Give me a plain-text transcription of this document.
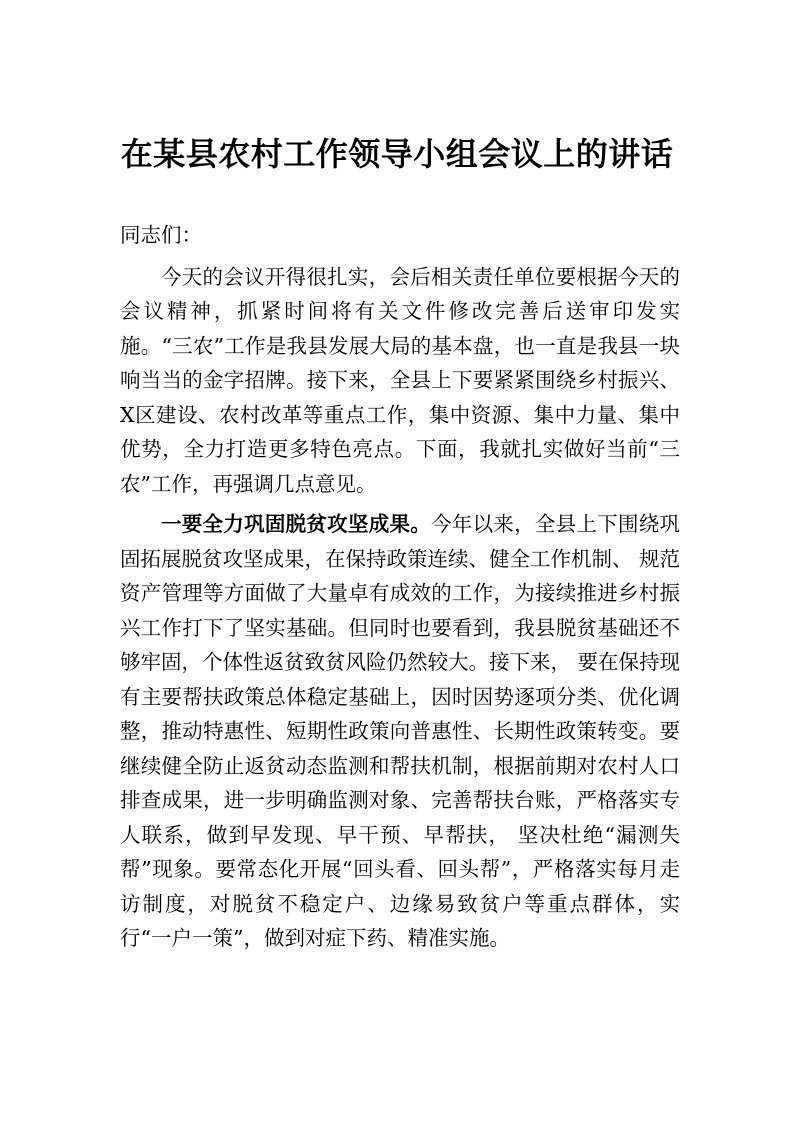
在某县农村工作领导小组会议上的讲话

同志们：

今天的会议开得很扎实，会后相关责任单位要根据今天的会议精神，抓紧时间将有关文件修改完善后送审印发实施。“三农”工作是我县发展大局的基本盘，也一直是我县一块响当当的金字招牌。接下来，全县上下要紧紧围绕乡村振兴、X区建设、农村改革等重点工作，集中资源、集中力量、集中优势，全力打造更多特色亮点。下面，我就扎实做好当前“三农”工作，再强调几点意见。

一要全力巩固脱贫攻坚成果。今年以来，全县上下围绕巩固拓展脱贫攻坚成果，在保持政策连续、健全工作机制、 规范资产管理等方面做了大量卓有成效的工作，为接续推进乡村振兴工作打下了坚实基础。但同时也要看到，我县脱贫基础还不够牢固，个体性返贫致贫风险仍然较大。接下来， 要在保持现有主要帮扶政策总体稳定基础上，因时因势逐项分类、优化调整，推动特惠性、短期性政策向普惠性、长期性政策转变。要继续健全防止返贫动态监测和帮扶机制，根据前期对农村人口排查成果，进一步明确监测对象、完善帮扶台账，严格落实专人联系，做到早发现、早干预、早帮扶， 坚决杜绝“漏测失帮”现象。要常态化开展“回头看、回头帮”，严格落实每月走访制度，对脱贫不稳定户、边缘易致贫户等重点群体，实行“一户一策”，做到对症下药、精准实施。
